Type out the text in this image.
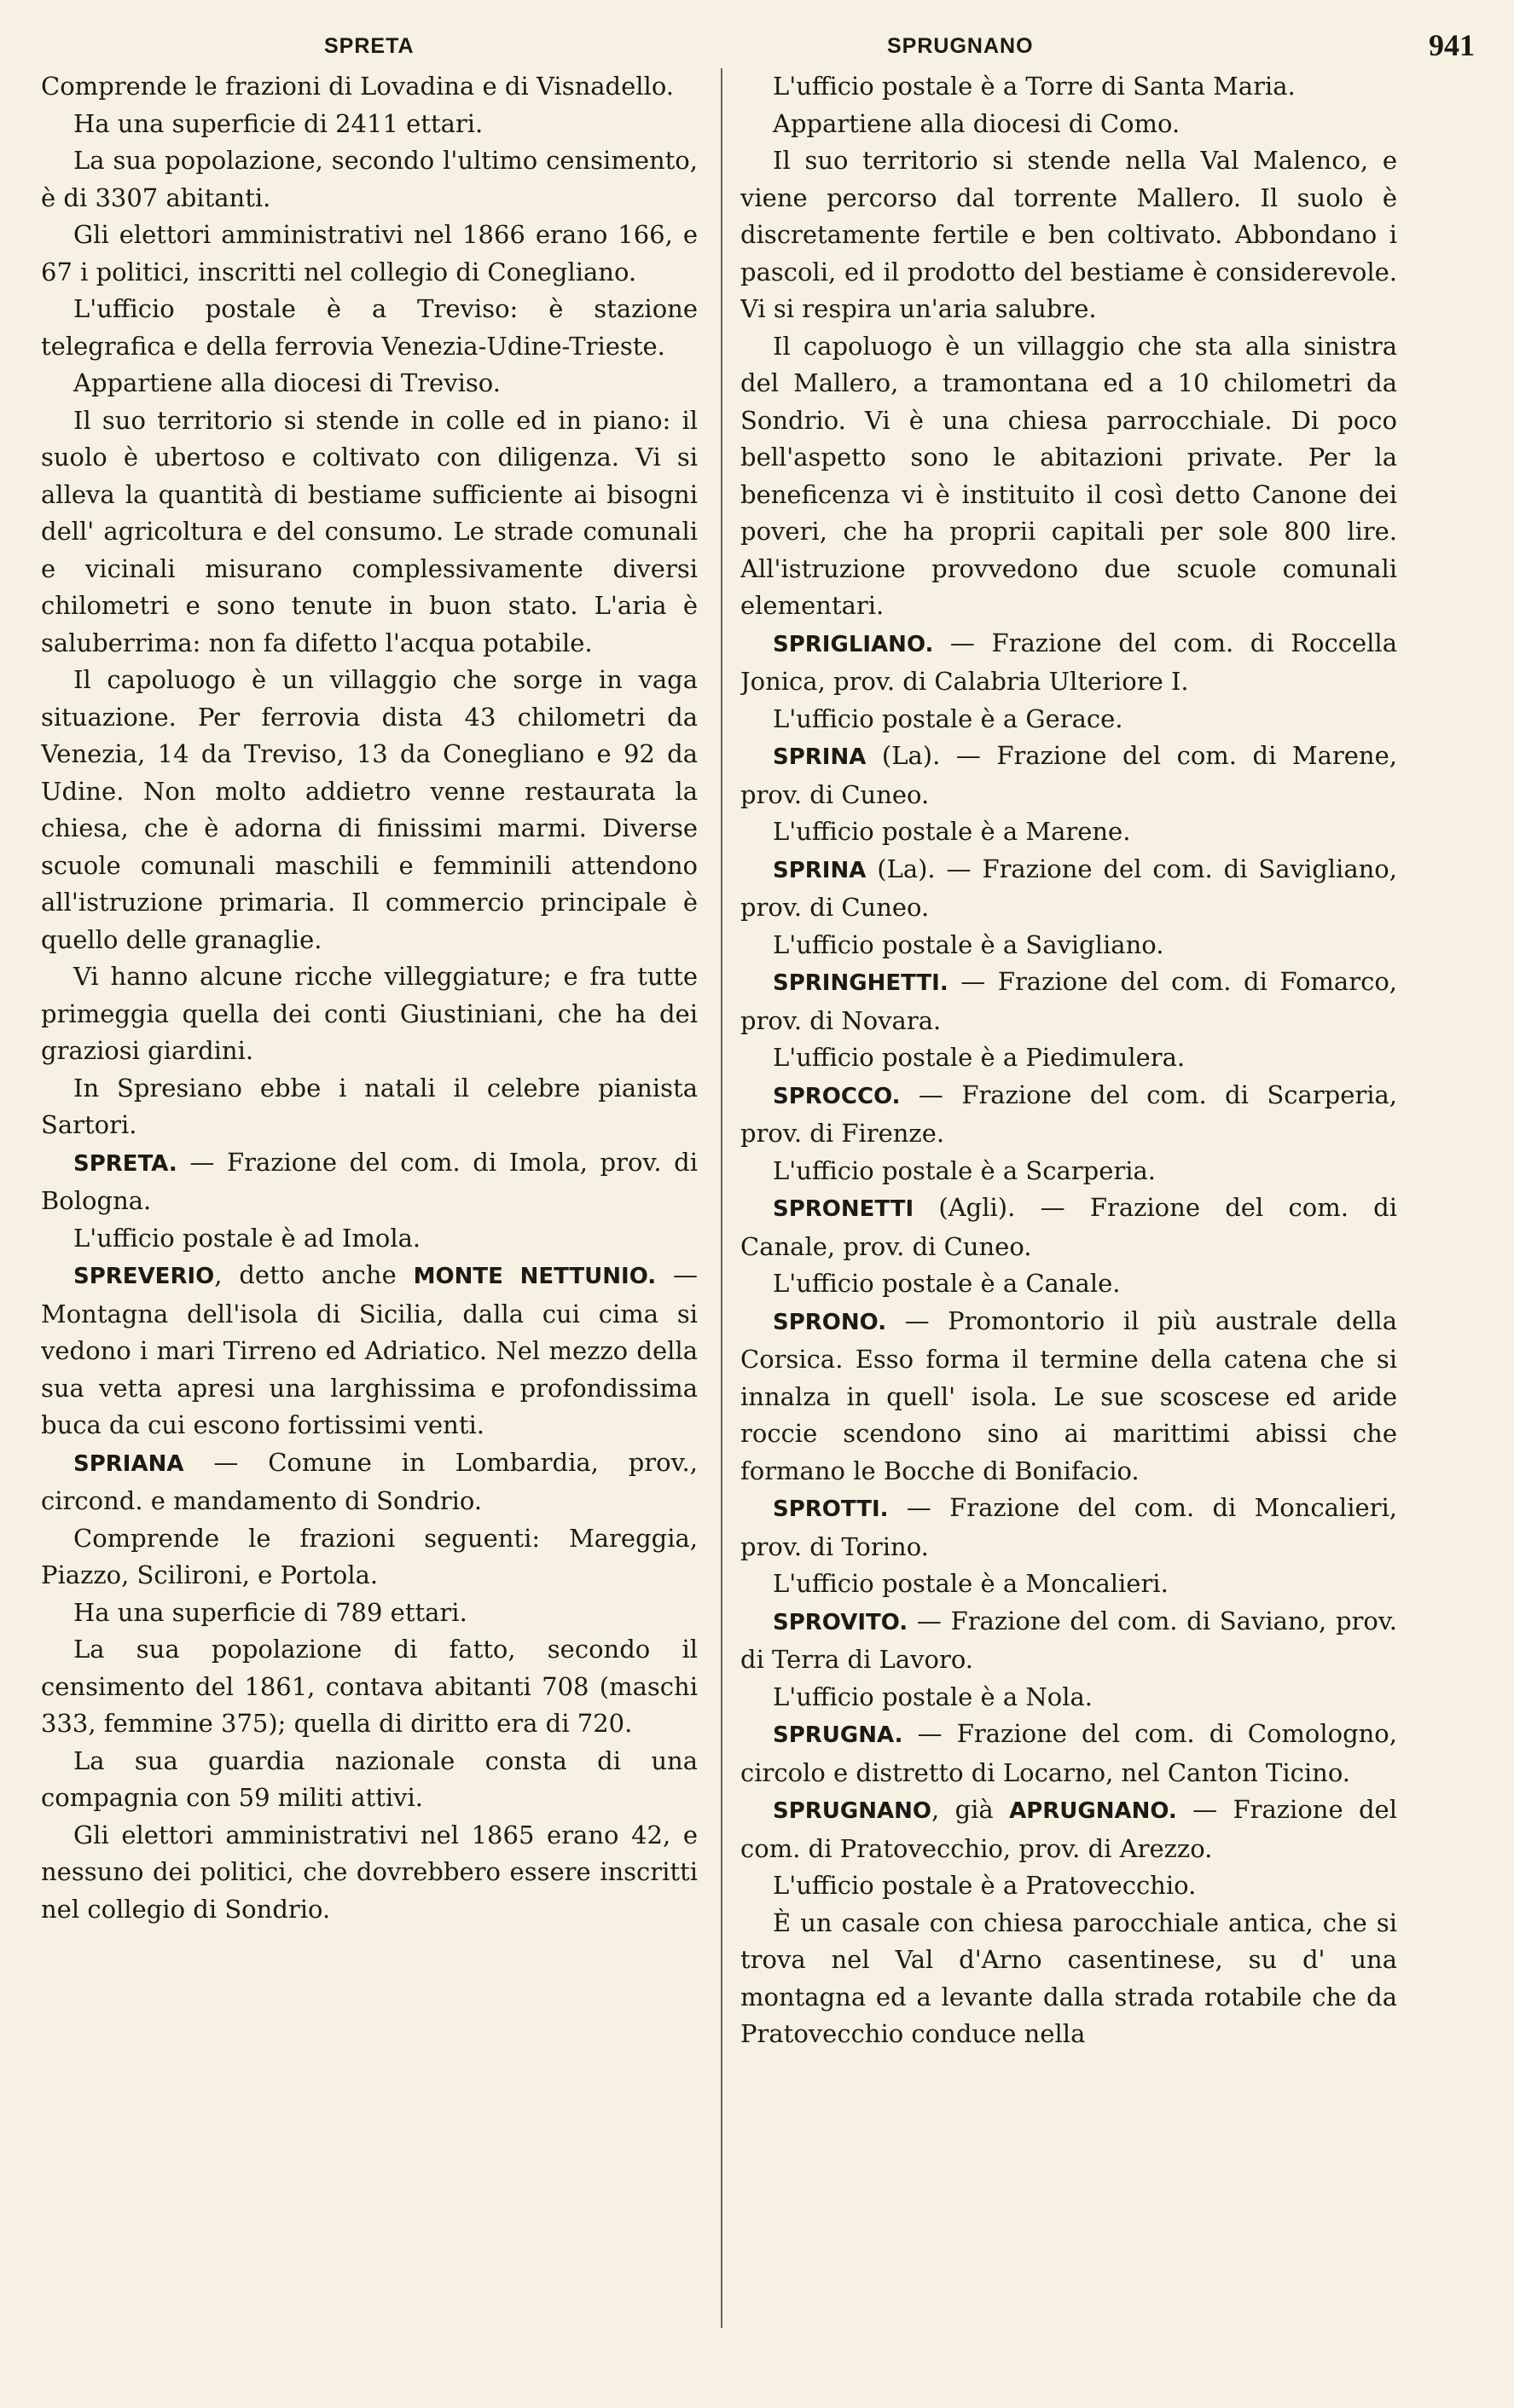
SPRETA	SPRUGNANO	941

Comprende le frazioni di Lovadina e di Visnadello.

Ha una superficie di 2411 ettari.

La sua popolazione, secondo l'ultimo censimento, è di 3307 abitanti.

Gli elettori amministrativi nel 1866 erano 166, e 67 i politici, inscritti nel collegio di Conegliano.

L'ufficio postale è a Treviso: è stazione telegrafica e della ferrovia Venezia-Udine-Trieste.

Appartiene alla diocesi di Treviso.

Il suo territorio si stende in colle ed in piano: il suolo è ubertoso e coltivato con diligenza. Vi si alleva la quantità di bestiame sufficiente ai bisogni dell' agricoltura e del consumo. Le strade comunali e vicinali misurano complessivamente diversi chilometri e sono tenute in buon stato. L'aria è saluberrima: non fa difetto l'acqua potabile.

Il capoluogo è un villaggio che sorge in vaga situazione. Per ferrovia dista 43 chilometri da Venezia, 14 da Treviso, 13 da Conegliano e 92 da Udine. Non molto addietro venne restaurata la chiesa, che è adorna di finissimi marmi. Diverse scuole comunali maschili e femminili attendono all'istruzione primaria. Il commercio principale è quello delle granaglie.

Vi hanno alcune ricche villeggiature; e fra tutte primeggia quella dei conti Giustiniani, che ha dei graziosi giardini.

In Spresiano ebbe i natali il celebre pianista Sartori.

SPRETA. — Frazione del com. di Imola, prov. di Bologna.

L'ufficio postale è ad Imola.

SPREVERIO, detto anche MONTE NETTUNIO. — Montagna dell'isola di Sicilia, dalla cui cima si vedono i mari Tirreno ed Adriatico. Nel mezzo della sua vetta apresi una larghissima e profondissima buca da cui escono fortissimi venti.

SPRIANA — Comune in Lombardia, prov., circond. e mandamento di Sondrio.

Comprende le frazioni seguenti: Mareggia, Piazzo, Scilironi, e Portola.

Ha una superficie di 789 ettari.

La sua popolazione di fatto, secondo il censimento del 1861, contava abitanti 708 (maschi 333, femmine 375); quella di diritto era di 720.

La sua guardia nazionale consta di una compagnia con 59 militi attivi.

Gli elettori amministrativi nel 1865 erano 42, e nessuno dei politici, che dovrebbero essere inscritti nel collegio di Sondrio.

L'ufficio postale è a Torre di Santa Maria.

Appartiene alla diocesi di Como.

Il suo territorio si stende nella Val Malenco, e viene percorso dal torrente Mallero. Il suolo è discretamente fertile e ben coltivato. Abbondano i pascoli, ed il prodotto del bestiame è considerevole. Vi si respira un'aria salubre.

Il capoluogo è un villaggio che sta alla sinistra del Mallero, a tramontana ed a 10 chilometri da Sondrio. Vi è una chiesa parrocchiale. Di poco bell'aspetto sono le abitazioni private. Per la beneficenza vi è instituito il così detto Canone dei poveri, che ha proprii capitali per sole 800 lire. All'istruzione provvedono due scuole comunali elementari.

SPRIGLIANO. — Frazione del com. di Roccella Jonica, prov. di Calabria Ulteriore I.

L'ufficio postale è a Gerace.

SPRINA (La). — Frazione del com. di Marene, prov. di Cuneo.

L'ufficio postale è a Marene.

SPRINA (La). — Frazione del com. di Savigliano, prov. di Cuneo.

L'ufficio postale è a Savigliano.

SPRINGHETTI. — Frazione del com. di Fomarco, prov. di Novara.

L'ufficio postale è a Piedimulera.

SPROCCO. — Frazione del com. di Scarperia, prov. di Firenze.

L'ufficio postale è a Scarperia.

SPRONETTI (Agli). — Frazione del com. di Canale, prov. di Cuneo.

L'ufficio postale è a Canale.

SPRONO. — Promontorio il più australe della Corsica. Esso forma il termine della catena che si innalza in quell' isola. Le sue scoscese ed aride roccie scendono sino ai marittimi abissi che formano le Bocche di Bonifacio.

SPROTTI. — Frazione del com. di Moncalieri, prov. di Torino.

L'ufficio postale è a Moncalieri.

SPROVITO. — Frazione del com. di Saviano, prov. di Terra di Lavoro.

L'ufficio postale è a Nola.

SPRUGNA. — Frazione del com. di Comologno, circolo e distretto di Locarno, nel Canton Ticino.

SPRUGNANO, già APRUGNANO. — Frazione del com. di Pratovecchio, prov. di Arezzo.

L'ufficio postale è a Pratovecchio.

È un casale con chiesa parocchiale antica, che si trova nel Val d'Arno casentinese, su d' una montagna ed a levante dalla strada rotabile che da Pratovecchio conduce nella
